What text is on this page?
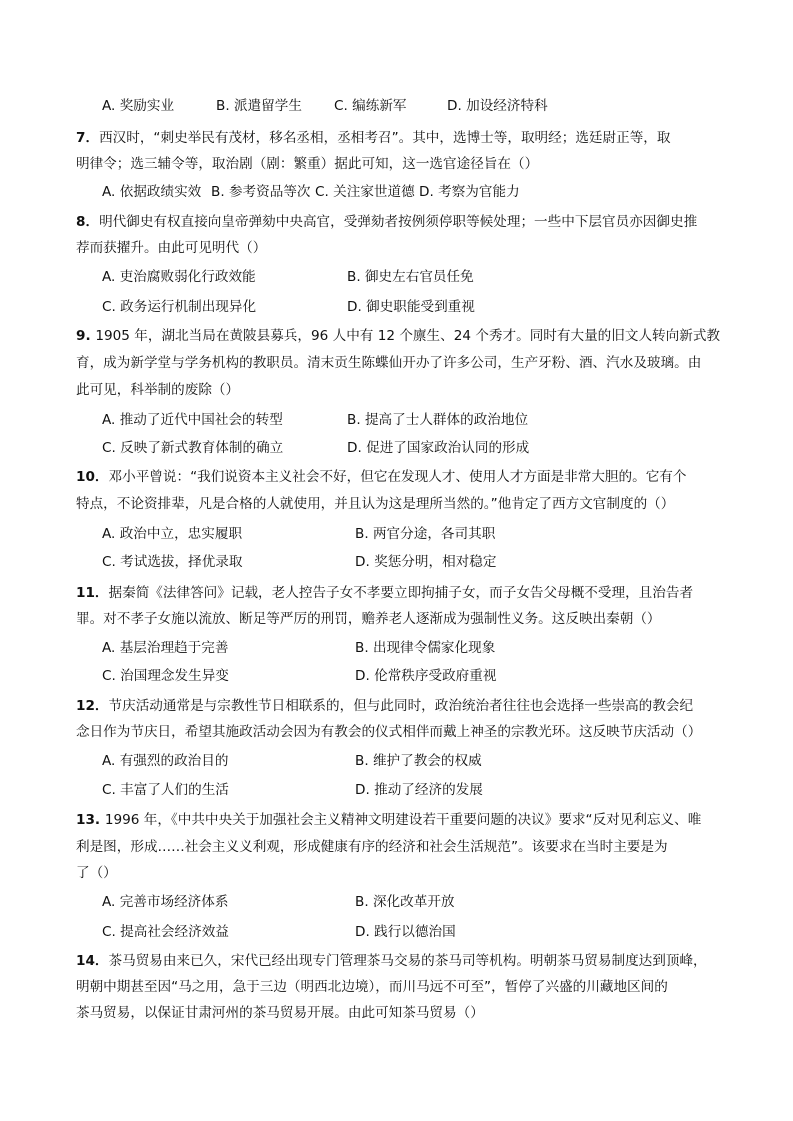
A. 奖励实业	B. 派遣留学生 C. 编练新军	D. 加设经济特科
7．西汉时，“刺史举民有茂材，移名丞相，丞相考召”。其中，选博士等，取明经；选廷尉正等，取
明律令；选三辅令等，取治剧（剧：繁重）据此可知，这一选官途径旨在（）
A. 依据政绩实效 B. 参考资品等次 C. 关注家世道德 D. 考察为官能力
8．明代御史有权直接向皇帝弹劾中央高官，受弹劾者按例须停职等候处理；一些中下层官员亦因御史推
荐而获擢升。由此可见明代（）
A. 吏治腐败弱化行政效能	B. 御史左右官员任免
C. 政务运行机制出现异化	D. 御史职能受到重视
9. 1905 年，湖北当局在黄陂县募兵，96 人中有 12 个廪生、24 个秀才。同时有大量的旧文人转向新式教
育，成为新学堂与学务机构的教职员。清末贡生陈蝶仙开办了许多公司，生产牙粉、酒、汽水及玻璃。由
此可见，科举制的废除（）
A. 推动了近代中国社会的转型	B. 提高了士人群体的政治地位
C. 反映了新式教育体制的确立	D. 促进了国家政治认同的形成
10．邓小平曾说：“我们说资本主义社会不好，但它在发现人才、使用人才方面是非常大胆的。它有个
特点，不论资排辈，凡是合格的人就使用，并且认为这是理所当然的。”他肯定了西方文官制度的（）
A. 政治中立，忠实履职	B. 两官分途，各司其职
C. 考试选拔，择优录取	D. 奖惩分明，相对稳定
11．据秦简《法律答问》记载，老人控告子女不孝要立即拘捕子女，而子女告父母概不受理，且治告者
罪。对不孝子女施以流放、断足等严厉的刑罚，赡养老人逐渐成为强制性义务。这反映出秦朝（）
A. 基层治理趋于完善	B. 出现律令儒家化现象
C. 治国理念发生异变	D. 伦常秩序受政府重视
12．节庆活动通常是与宗教性节日相联系的，但与此同时，政治统治者往往也会选择一些崇高的教会纪
念日作为节庆日，希望其施政活动会因为有教会的仪式相伴而戴上神圣的宗教光环。这反映节庆活动（）
A. 有强烈的政治目的	B. 维护了教会的权威
C. 丰富了人们的生活	D. 推动了经济的发展
13. 1996 年，《中共中央关于加强社会主义精神文明建设若干重要问题的决议》要求“反对见利忘义、唯
利是图，形成……社会主义义利观，形成健康有序的经济和社会生活规范”。该要求在当时主要是为
了（）
A. 完善市场经济体系	B. 深化改革开放
C. 提高社会经济效益	D. 践行以德治国
14．茶马贸易由来已久，宋代已经出现专门管理茶马交易的茶马司等机构。明朝茶马贸易制度达到顶峰，
明朝中期甚至因“马之用，急于三边（明西北边境），而川马远不可至”，暂停了兴盛的川藏地区间的
茶马贸易，以保证甘肃河州的茶马贸易开展。由此可知茶马贸易（）
